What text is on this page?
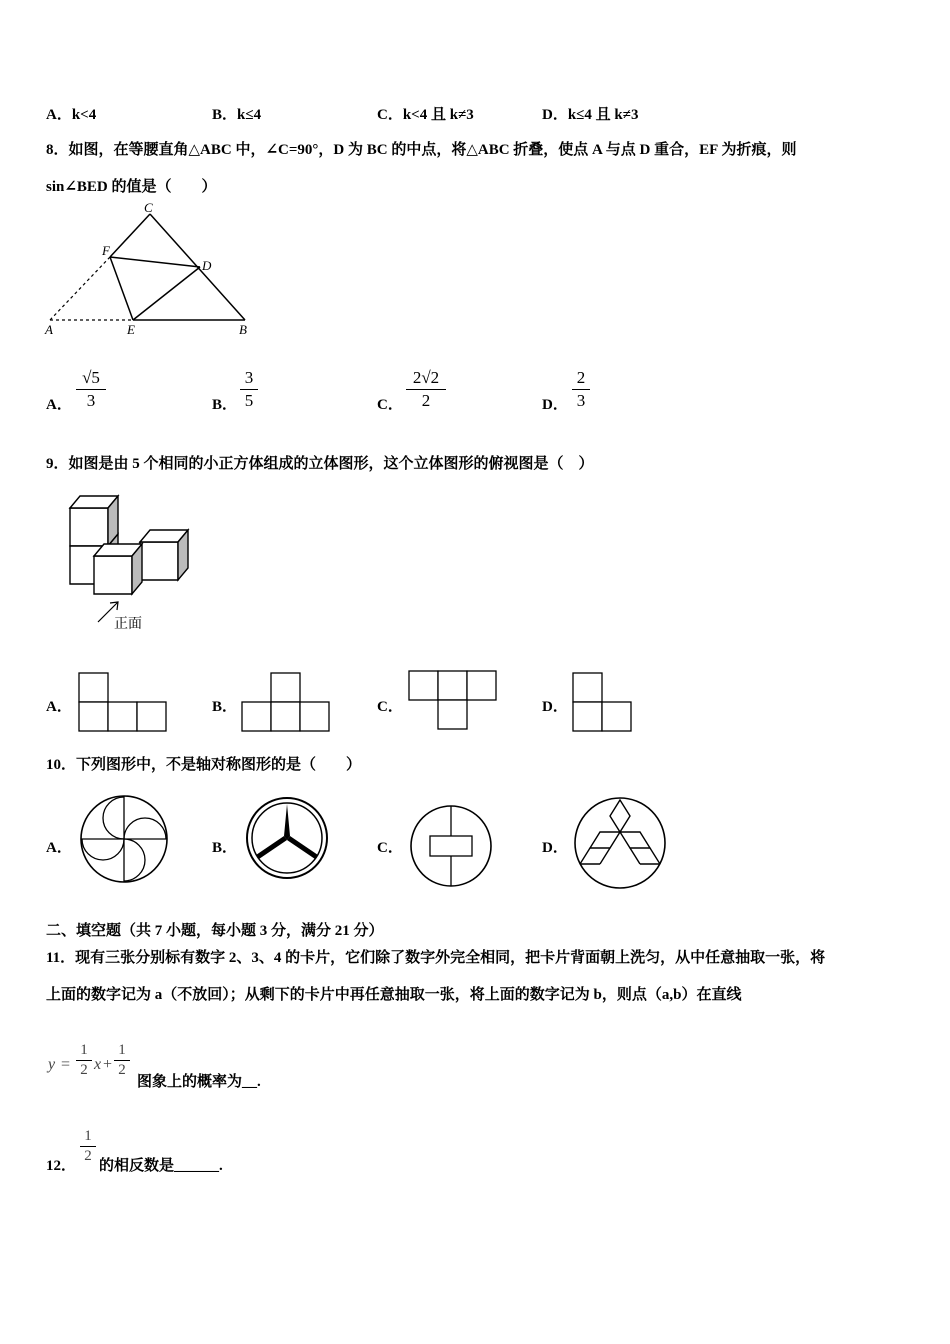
A．k<4	B．k≤4	C．k<4 且 k≠3	D．k≤4 且 k≠3
8．如图，在等腰直角△ABC 中，∠C=90°，D 为 BC 的中点，将△ABC 折叠，使点 A 与点 D 重合，EF 为折痕，则
sin∠BED 的值是（　　）
C
F
D
A	E	B
A．
√5
3	B．
3
5	C．
2√2
2	D．
2
3
9．如图是由 5 个相同的小正方体组成的立体图形，这个立体图形的俯视图是（　）
正面
A．	B．	C．	D．
10．下列图形中，不是轴对称图形的是（　　）
A．	B．	C．	D．
二、填空题（共 7 小题，每小题 3 分，满分 21 分）
11．现有三张分别标有数字 2、3、4 的卡片，它们除了数字外完全相同，把卡片背面朝上洗匀，从中任意抽取一张，将
上面的数字记为 a（不放回）；从剩下的卡片中再任意抽取一张，将上面的数字记为 b，则点（a,b）在直线
y =
1
2 x +
1
2
图象上的概率为__.
12．
1
2
的相反数是______.
